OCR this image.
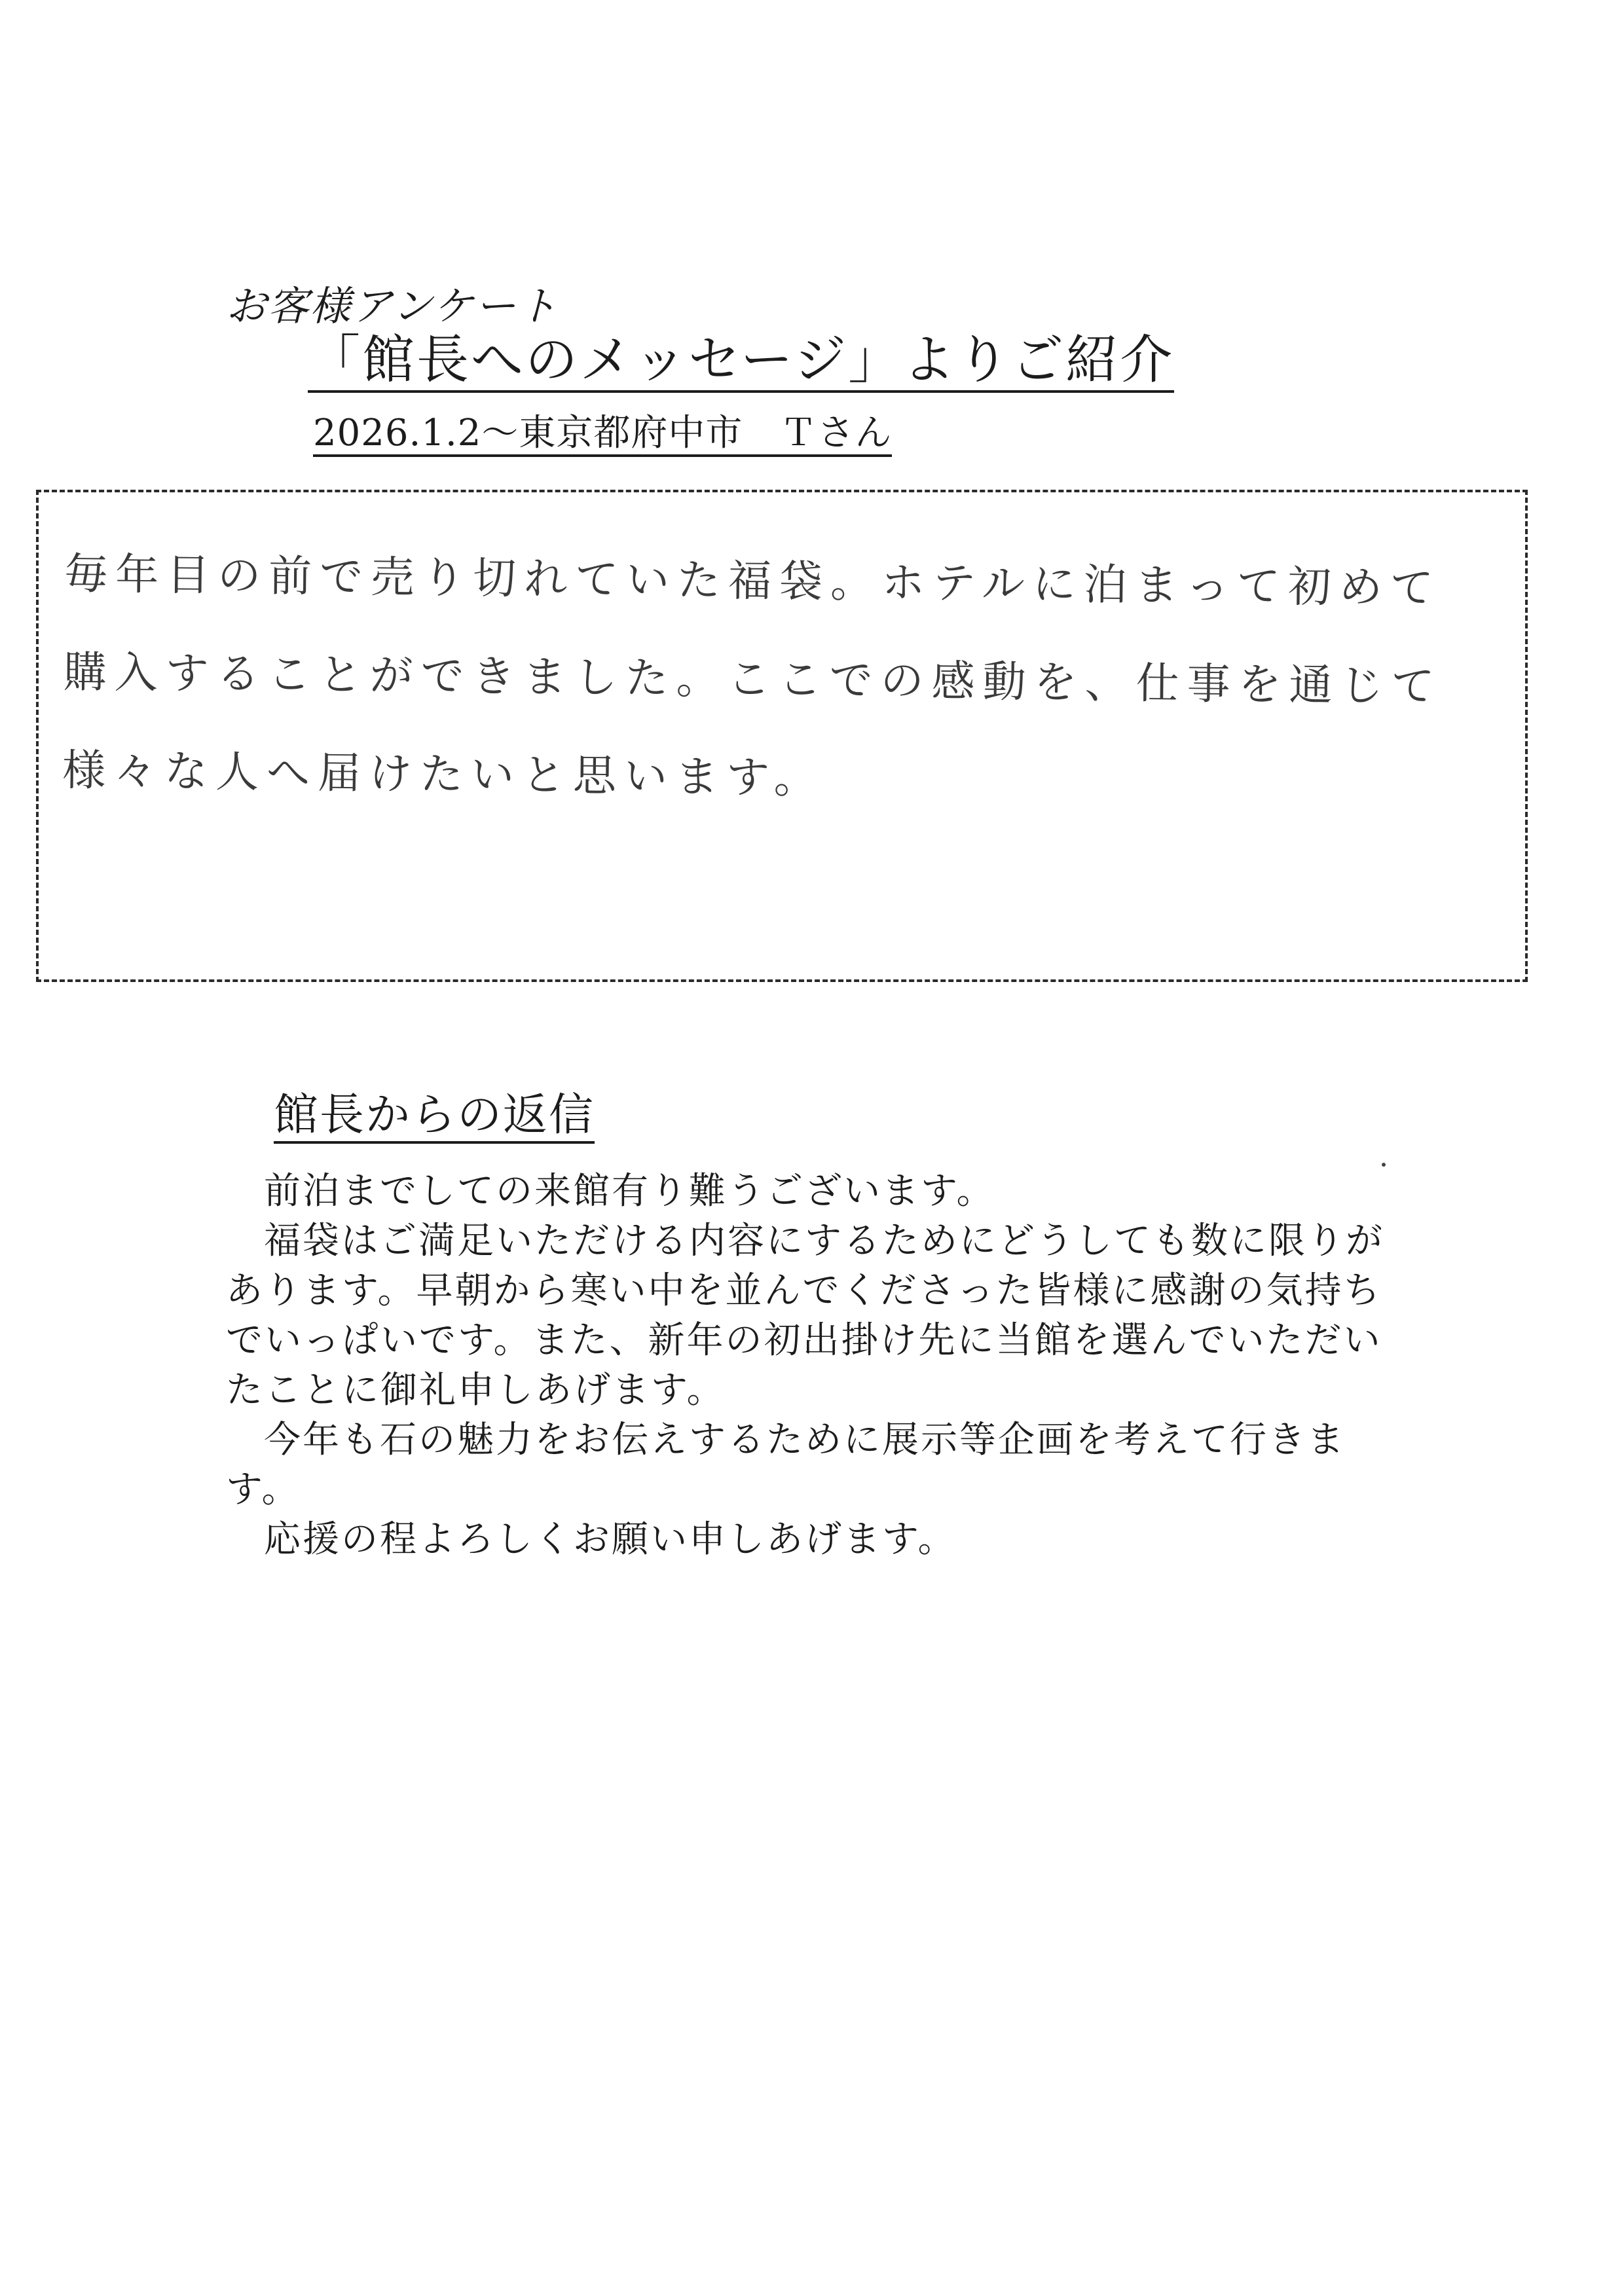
お客様アンケート
「館長へのメッセージ」よりご紹介
2026.1.2～東京都府中市　Ｔさん
毎年目の前で売り切れていた福袋。ホテルに泊まって初めて
購入することができました。ここでの感動を、仕事を通じて
様々な人へ届けたいと思います。
館長からの返信

前泊までしての来館有り難うございます。

福袋はご満足いただける内容にするためにどうしても数に限りがあります。早朝から寒い中を並んでくださった皆様に感謝の気持ちでいっぱいです。また、新年の初出掛け先に当館を選んでいただいたことに御礼申しあげます。

今年も石の魅力をお伝えするために展示等企画を考えて行きます。

応援の程よろしくお願い申しあげます。
